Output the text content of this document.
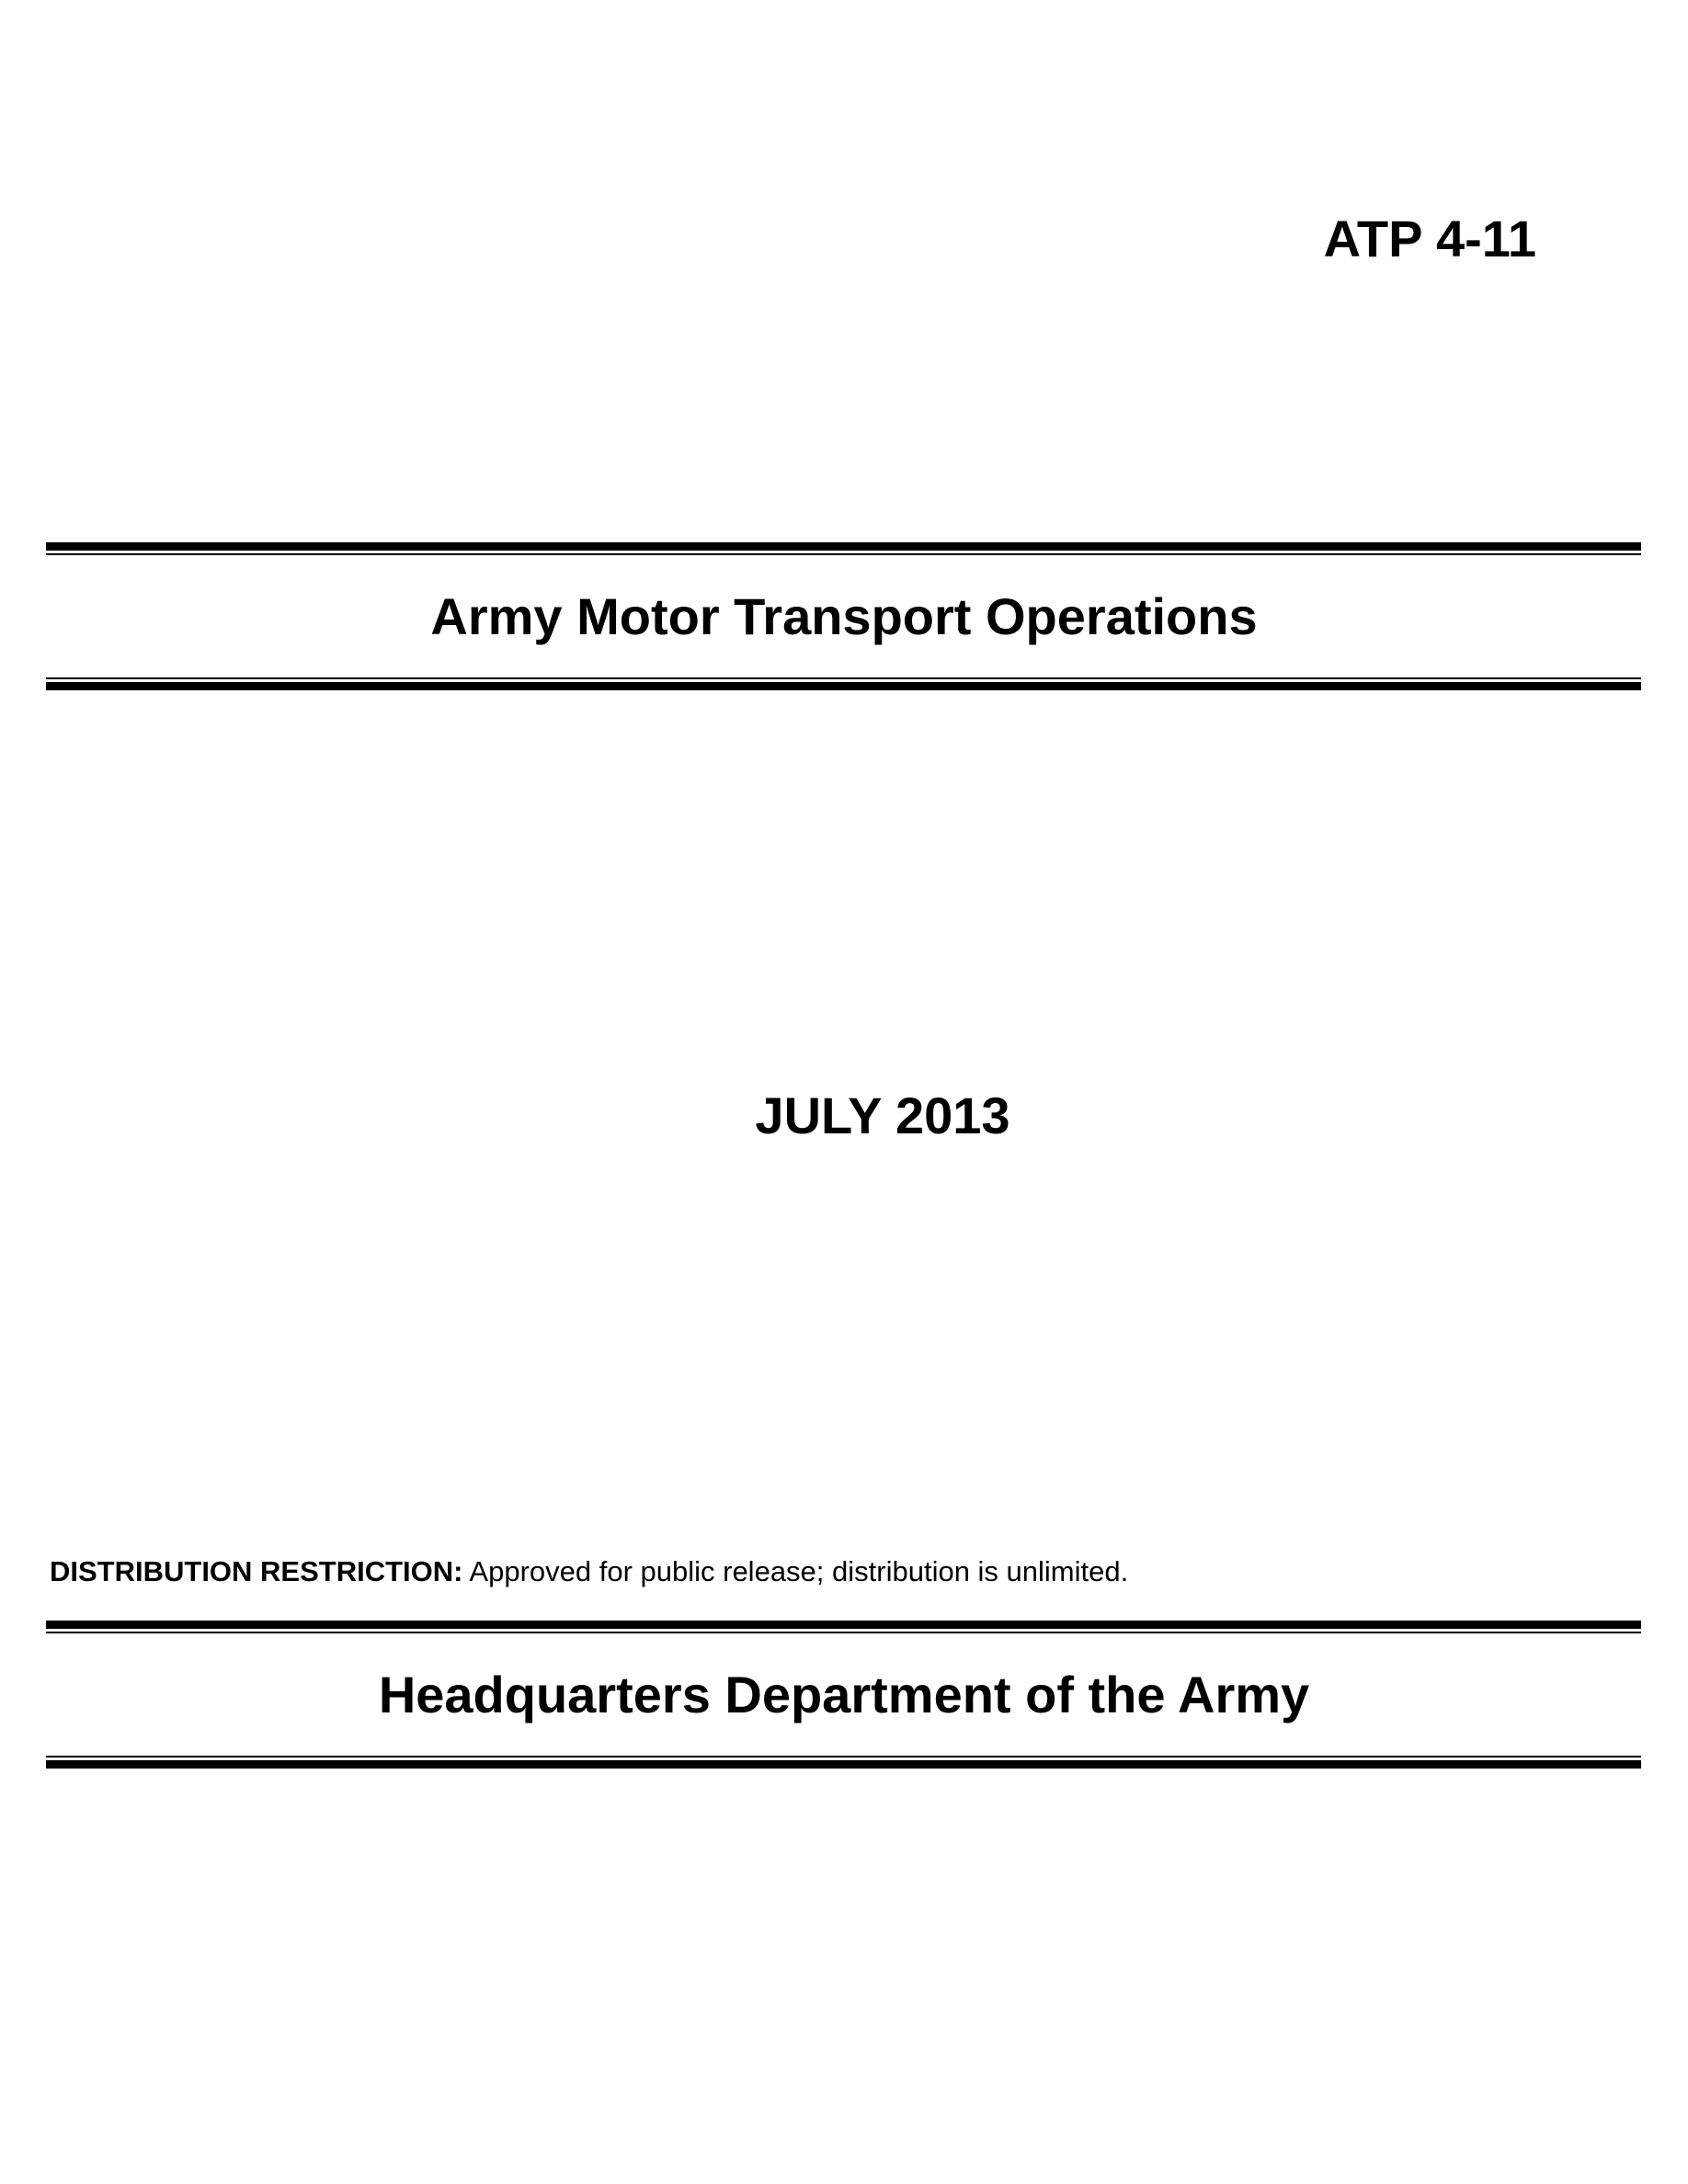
ATP 4-11
Army Motor Transport Operations
JULY 2013

DISTRIBUTION RESTRICTION: Approved for public release; distribution is unlimited.

Headquarters Department of the Army
